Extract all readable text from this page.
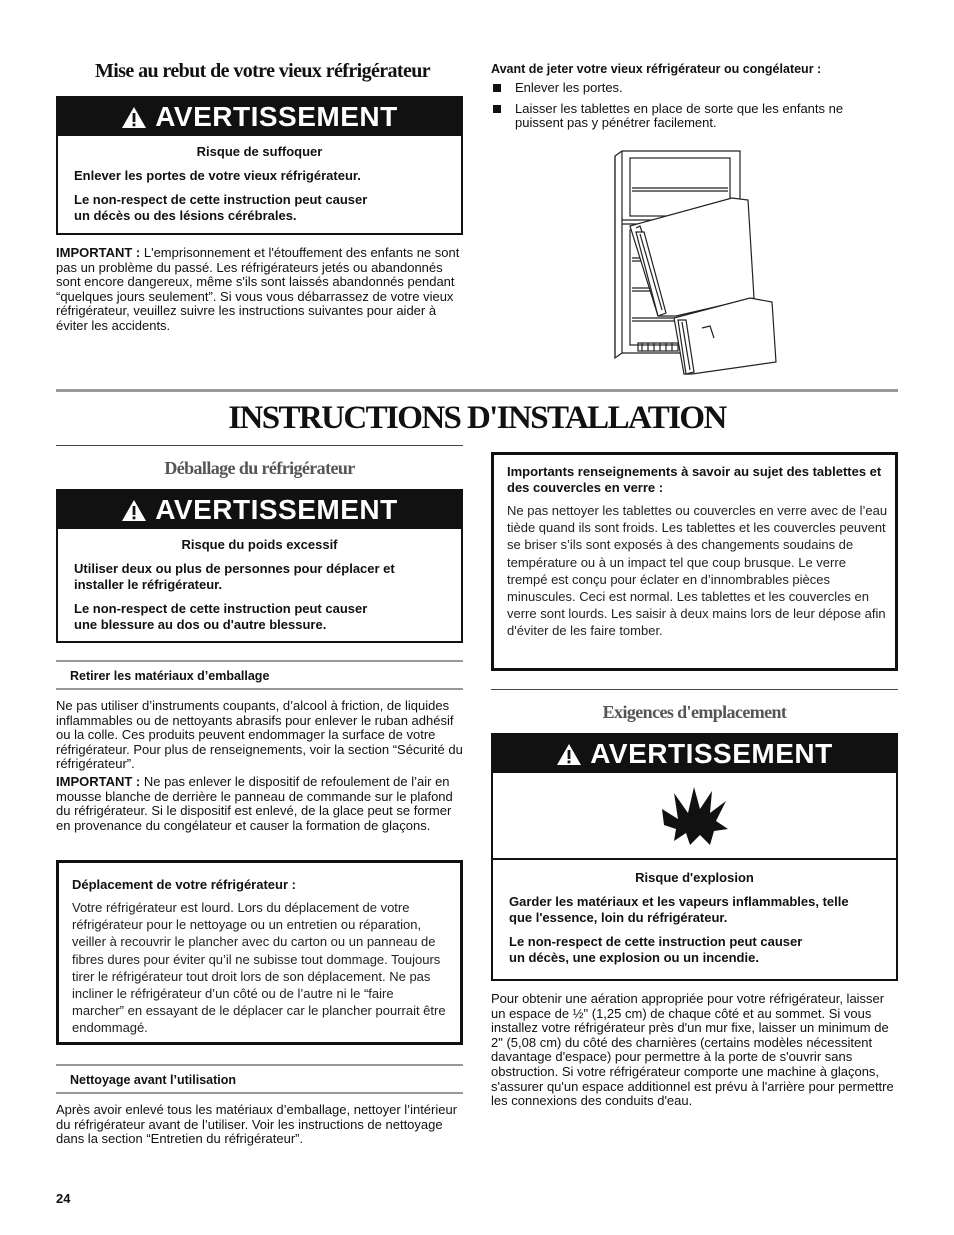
Mise au rebut de votre vieux réfrigérateur
AVERTISSEMENT
Risque de suffoquer

Enlever les portes de votre vieux réfrigérateur.

Le non-respect de cette instruction peut causer
un décès ou des lésions cérébrales.

IMPORTANT : L'emprisonnement et l'étouffement des enfants ne sont pas un problème du passé. Les réfrigérateurs jetés ou abandonnés sont encore dangereux, même s'ils sont laissés abandonnés pendant “quelques jours seulement”. Si vous vous débarrassez de votre vieux réfrigérateur, veuillez suivre les instructions suivantes pour aider à éviter les accidents.
Avant de jeter votre vieux réfrigérateur ou congélateur :
Enlever les portes.
Laisser les tablettes en place de sorte que les enfants ne puissent pas y pénétrer facilement.
INSTRUCTIONS D'INSTALLATION
Déballage du réfrigérateur
AVERTISSEMENT
Risque du poids excessif

Utiliser deux ou plus de personnes pour déplacer et
installer le réfrigérateur.

Le non-respect de cette instruction peut causer
une blessure au dos ou d'autre blessure.

Retirer les matériaux d’emballage
Ne pas utiliser d’instruments coupants, d’alcool à friction, de liquides inflammables ou de nettoyants abrasifs pour enlever le ruban adhésif ou la colle. Ces produits peuvent endommager la surface de votre réfrigérateur. Pour plus de renseignements, voir la section “Sécurité du réfrigérateur”.
IMPORTANT : Ne pas enlever le dispositif de refoulement de l’air en mousse blanche de derrière le panneau de commande sur le plafond du réfrigérateur. Si le dispositif est enlevé, de la glace peut se former en provenance du congélateur et causer la formation de glaçons.
Déplacement de votre réfrigérateur :
Votre réfrigérateur est lourd. Lors du déplacement de votre réfrigérateur pour le nettoyage ou un entretien ou réparation, veiller à recouvrir le plancher avec du carton ou un panneau de fibres dures pour éviter qu’il ne subisse tout dommage. Toujours tirer le réfrigérateur tout droit lors de son déplacement. Ne pas incliner le réfrigérateur d’un côté ou de l’autre ni le “faire marcher” en essayant de le déplacer car le plancher pourrait être endommagé.
Nettoyage avant l’utilisation
Après avoir enlevé tous les matériaux d’emballage, nettoyer l’intérieur du réfrigérateur avant de l’utiliser. Voir les instructions de nettoyage dans la section “Entretien du réfrigérateur”.
24
Importants renseignements à savoir au sujet des tablettes et des couvercles en verre :
Ne pas nettoyer les tablettes ou couvercles en verre avec de l’eau tiède quand ils sont froids. Les tablettes et les couvercles peuvent se briser s’ils sont exposés à des changements soudains de température ou à un impact tel que coup brusque. Le verre trempé est conçu pour éclater en d’innombrables pièces minuscules. Ceci est normal. Les tablettes et les couvercles en verre sont lourds. Les saisir à deux mains lors de leur dépose afin d'éviter de les faire tomber.
Exigences d'emplacement
AVERTISSEMENT
Risque d'explosion

Garder les matériaux et les vapeurs inflammables, telle
que l'essence, loin du réfrigérateur.

Le non-respect de cette instruction peut causer
un décès, une explosion ou un incendie.

Pour obtenir une aération appropriée pour votre réfrigérateur, laisser un espace de ½" (1,25 cm) de chaque côté et au sommet. Si vous installez votre réfrigérateur près d'un mur fixe, laisser un minimum de 2" (5,08 cm) du côté des charnières (certains modèles nécessitent davantage d'espace) pour permettre à la porte de s'ouvrir sans obstruction. Si votre réfrigérateur comporte une machine à glaçons, s'assurer qu'un espace additionnel est prévu à l'arrière pour permettre les connexions des conduits d'eau.
